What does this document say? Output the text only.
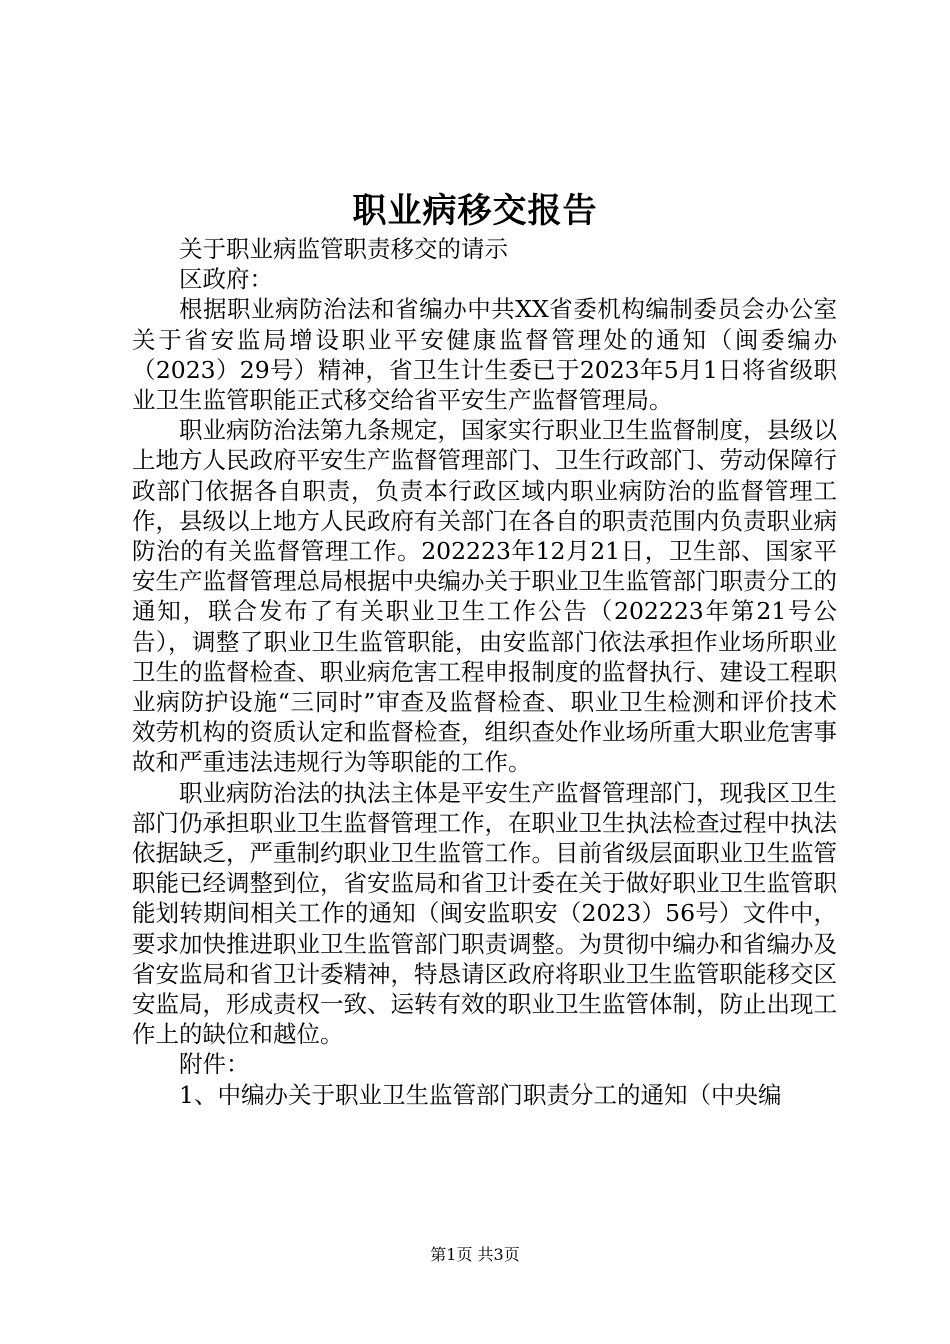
职业病移交报告

关于职业病监管职责移交的请示

区政府：

根据职业病防治法和省编办中共XX省委机构编制委员会办公室关于省安监局增设职业平安健康监督管理处的通知（闽委编办（2023）29号）精神，省卫生计生委已于2023年5月1日将省级职业卫生监管职能正式移交给省平安生产监督管理局。

职业病防治法第九条规定，国家实行职业卫生监督制度，县级以上地方人民政府平安生产监督管理部门、卫生行政部门、劳动保障行政部门依据各自职责，负责本行政区域内职业病防治的监督管理工作，县级以上地方人民政府有关部门在各自的职责范围内负责职业病防治的有关监督管理工作。202223年12月21日，卫生部、国家平安生产监督管理总局根据中央编办关于职业卫生监管部门职责分工的通知，联合发布了有关职业卫生工作公告（202223年第21号公告），调整了职业卫生监管职能，由安监部门依法承担作业场所职业卫生的监督检查、职业病危害工程申报制度的监督执行、建设工程职业病防护设施“三同时”审查及监督检查、职业卫生检测和评价技术效劳机构的资质认定和监督检查，组织查处作业场所重大职业危害事故和严重违法违规行为等职能的工作。

职业病防治法的执法主体是平安生产监督管理部门，现我区卫生部门仍承担职业卫生监督管理工作，在职业卫生执法检查过程中执法依据缺乏，严重制约职业卫生监管工作。目前省级层面职业卫生监管职能已经调整到位，省安监局和省卫计委在关于做好职业卫生监管职能划转期间相关工作的通知（闽安监职安（2023）56号）文件中，要求加快推进职业卫生监管部门职责调整。为贯彻中编办和省编办及省安监局和省卫计委精神，特恳请区政府将职业卫生监管职能移交区安监局，形成责权一致、运转有效的职业卫生监管体制，防止出现工作上的缺位和越位。

附件：

1、中编办关于职业卫生监管部门职责分工的通知（中央编

第1页 共3页
